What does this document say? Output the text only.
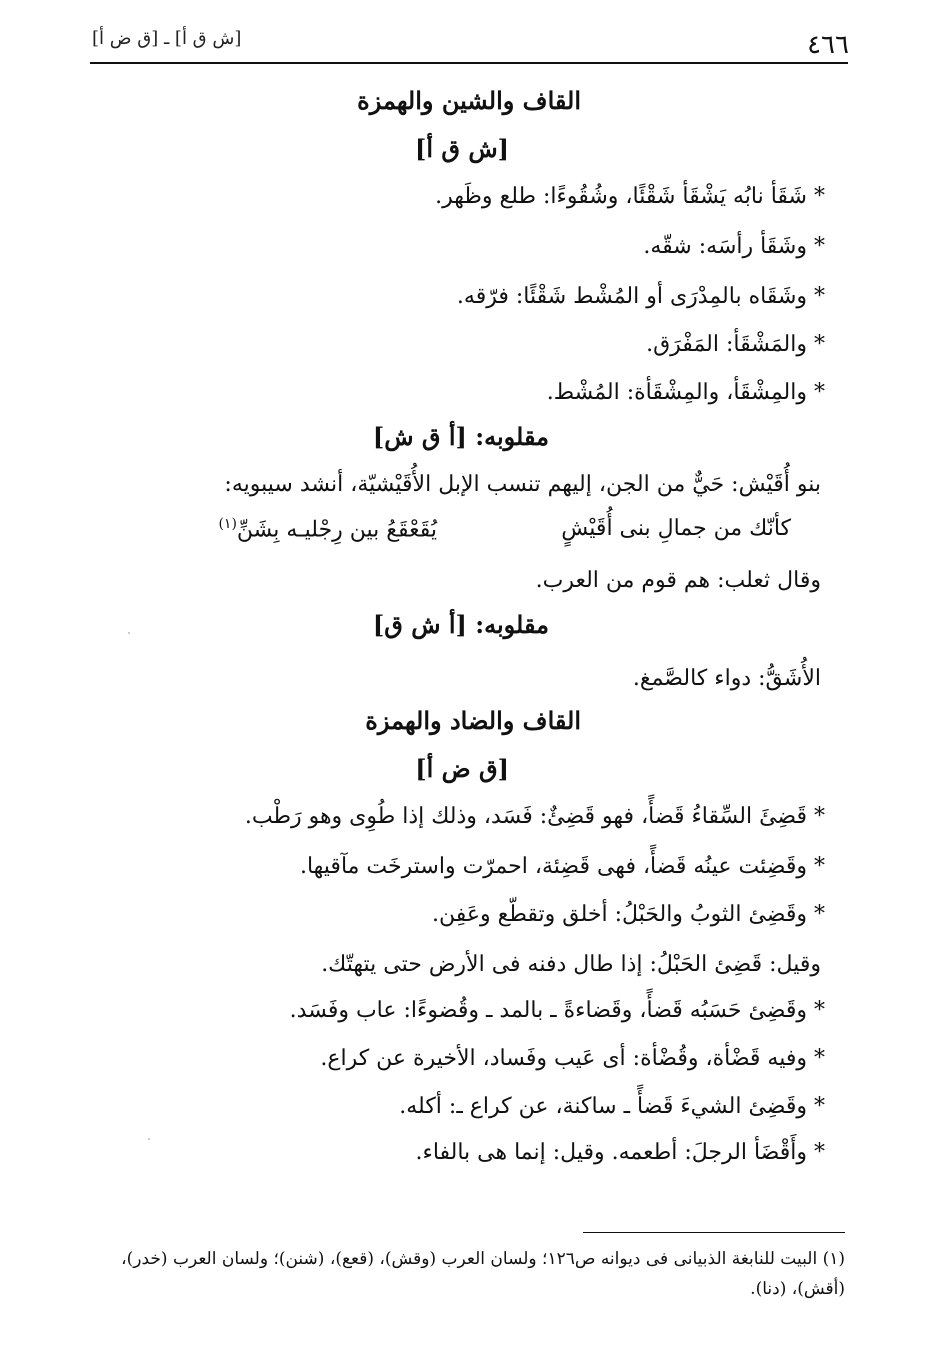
٤٦٦
[ش ق أ] ـ [ق ض أ]
القاف والشين والهمزة
[ش ق أ]
* شَقَأ نابُه يَشْقَأ شَقْئًا، وشُقُوءًا: طلع وظَهر.
* وشَقَأ رأسَه: شقّه.
* وشَقَاه بالمِدْرَى أو المُشْط شَقْئًا: فرّقه.
* والمَشْقَأ: المَفْرَق.
* والمِشْقَأ، والمِشْقَأة: المُشْط.
مقلوبه: [أ ق ش]
بنو أُقَيْش: حَيٌّ من الجن، إليهم تنسب الإبل الأُقَيْشيّة، أنشد سيبويه:
كأنّك من جمالِ بنى أُقَيْشٍ
يُقَعْقَعُ بين رِجْليـه بِشَنِّ$^{(١)}$
وقال ثعلب: هم قوم من العرب.
مقلوبه: [أ ش ق]
الأُشَقُّ: دواء كالصَّمغ.
القاف والضاد والهمزة
[ق ض أ]
* قَضِئَ السِّقاءُ قَضأً، فهو قَضِئٌ: فَسَد، وذلك إذا طُوِى وهو رَطْب.
* وقَضِئت عينُه قَضأً، فهى قَضِئة، احمرّت واسترخَت مآقيها.
* وقَضِئ الثوبُ والحَبْلُ: أخلق وتقطّع وعَفِن.
وقيل: قَضِئ الحَبْلُ: إذا طال دفنه فى الأرض حتى يتهتّك.
* وقَضِئ حَسَبُه قَضأً، وقَضاءةً ـ بالمد ـ وقُضوءًا: عاب وفَسَد.
* وفيه قَضْأة، وقُضْأة: أى عَيب وفَساد، الأخيرة عن كراع.
* وقَضِئ الشيءَ قَضأً ـ ساكنة، عن كراع ـ: أكله.
* وأَقْضَأ الرجلَ: أطعمه. وقيل: إنما هى بالفاء.
(١) البيت للنابغة الذبيانى فى ديوانه ص١٢٦؛ ولسان العرب (وقش)، (قعع)، (شنن)؛ ولسان العرب (خدر)، (أقش)، (دنا).
